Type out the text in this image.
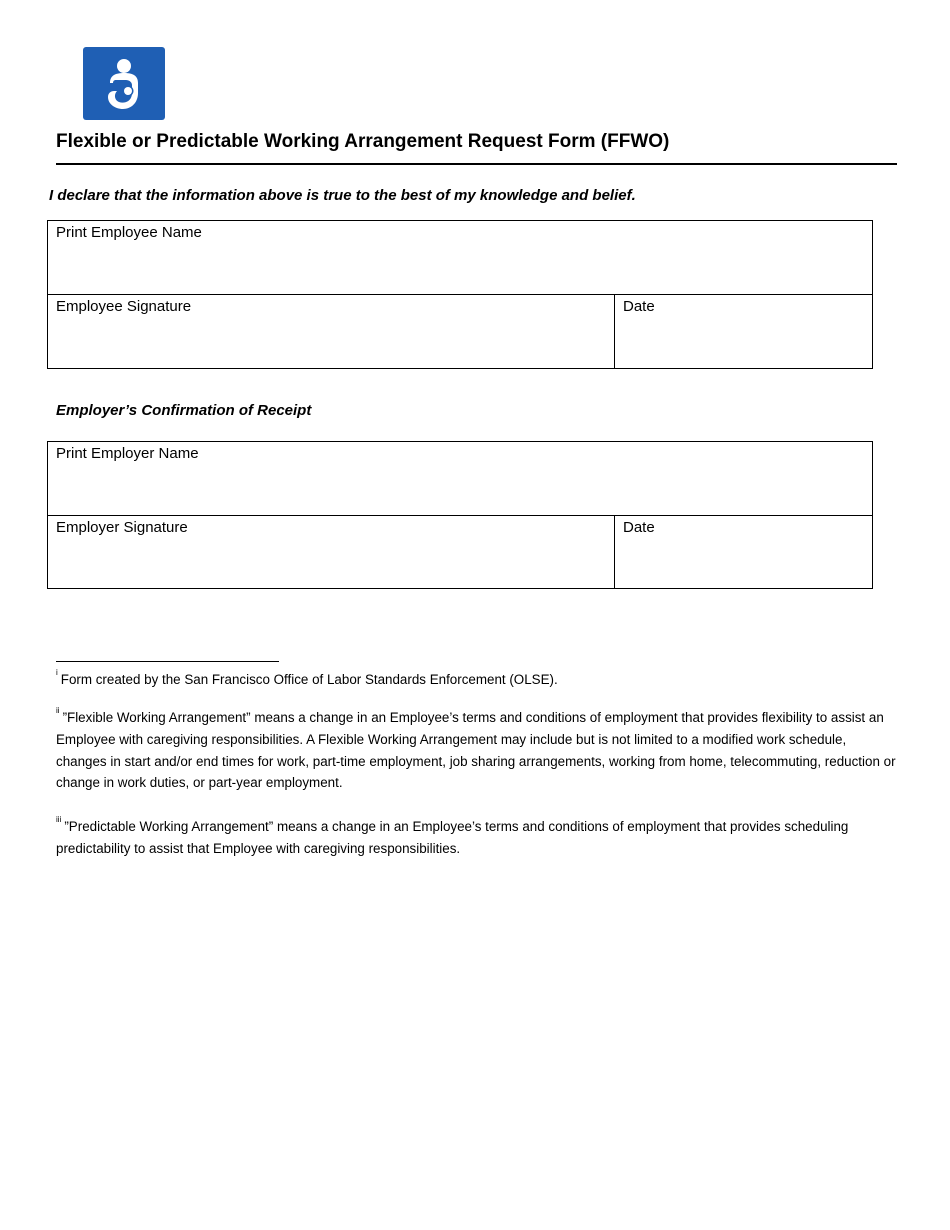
Flexible or Predictable Working Arrangement Request Form (FFWO)
I declare that the information above is true to the best of my knowledge and belief.
Print Employee Name
Employee Signature	Date
Employer’s Confirmation of Receipt
Print Employer Name
Employer Signature	Date
$^i$ Form created by the San Francisco Office of Labor Standards Enforcement (OLSE).
$^{ii}$ ”Flexible Working Arrangement” means a change in an Employee’s terms and conditions of employment that provides flexibility to assist an Employee with caregiving responsibilities. A Flexible Working Arrangement may include but is not limited to a modified work schedule, changes in start and/or end times for work, part-time employment, job sharing arrangements, working from home, telecommuting, reduction or change in work duties, or part-year employment.
$^{iii}$ ”Predictable Working Arrangement” means a change in an Employee’s terms and conditions of employment that provides scheduling predictability to assist that Employee with caregiving responsibilities.
